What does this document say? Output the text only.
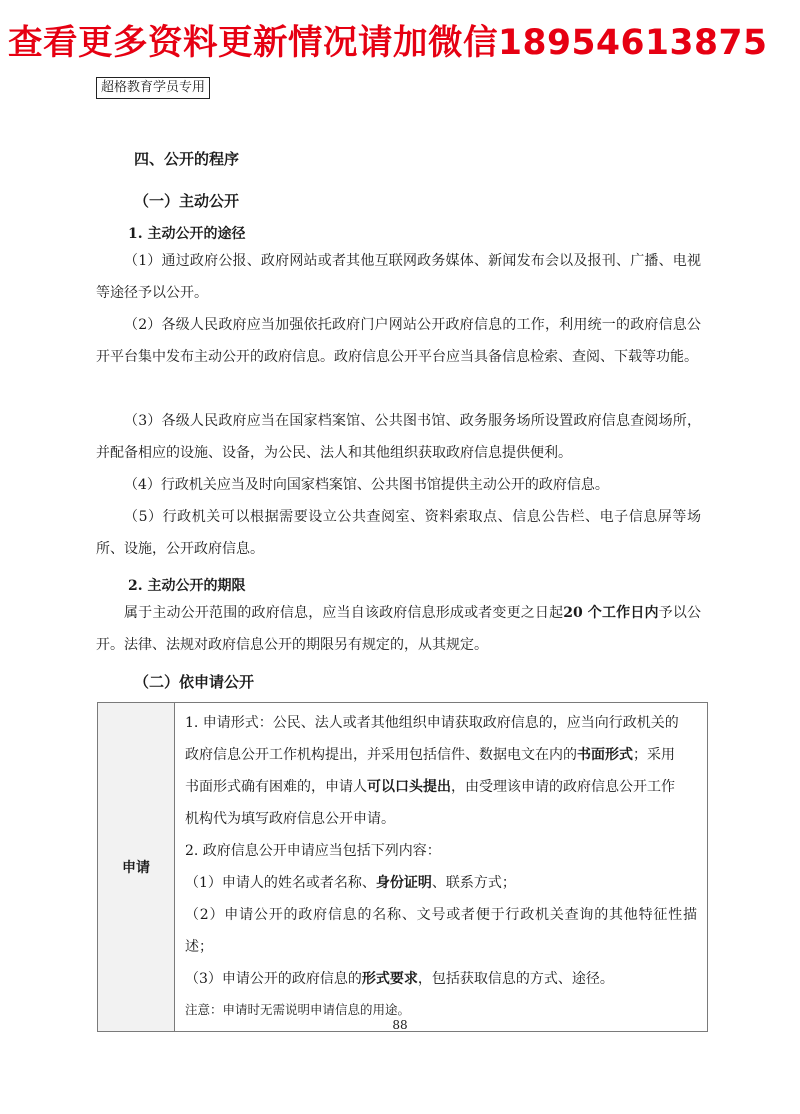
查看更多资料更新情况请加微信18954613875
超格教育学员专用
四、公开的程序
（一）主动公开
1. 主动公开的途径

（1）通过政府公报、政府网站或者其他互联网政务媒体、新闻发布会以及报刊、广播、电视等途径予以公开。

（2）各级人民政府应当加强依托政府门户网站公开政府信息的工作，利用统一的政府信息公开平台集中发布主动公开的政府信息。政府信息公开平台应当具备信息检索、查阅、下载等功能。

（3）各级人民政府应当在国家档案馆、公共图书馆、政务服务场所设置政府信息查阅场所，并配备相应的设施、设备，为公民、法人和其他组织获取政府信息提供便利。

（4）行政机关应当及时向国家档案馆、公共图书馆提供主动公开的政府信息。

（5）行政机关可以根据需要设立公共查阅室、资料索取点、信息公告栏、电子信息屏等场所、设施，公开政府信息。

2. 主动公开的期限

属于主动公开范围的政府信息，应当自该政府信息形成或者变更之日起20 个工作日内予以公开。法律、法规对政府信息公开的期限另有规定的，从其规定。

（二）依申请公开
申请	
1. 申请形式：公民、法人或者其他组织申请获取政府信息的，应当向行政机关的
政府信息公开工作机构提出，并采用包括信件、数据电文在内的书面形式；采用
书面形式确有困难的，申请人可以口头提出，由受理该申请的政府信息公开工作
机构代为填写政府信息公开申请。
2. 政府信息公开申请应当包括下列内容：
（1）申请人的姓名或者名称、身份证明、联系方式；
（2）申请公开的政府信息的名称、文号或者便于行政机关查询的其他特征性描述；
（3）申请公开的政府信息的形式要求，包括获取信息的方式、途径。
注意：申请时无需说明申请信息的用途。
88
